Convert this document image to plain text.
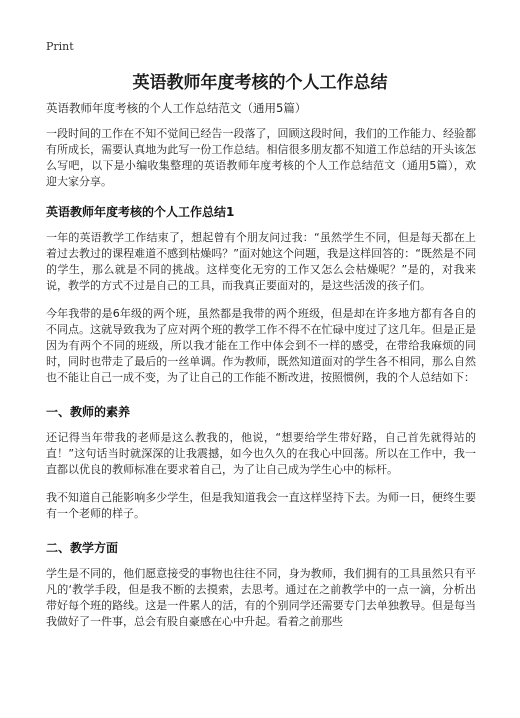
Print
英语教师年度考核的个人工作总结
英语教师年度考核的个人工作总结范文（通用5篇）

一段时间的工作在不知不觉间已经告一段落了，回顾这段时间，我们的工作能力、经验都有所成长，需要认真地为此写一份工作总结。相信很多朋友都不知道工作总结的开头该怎么写吧，以下是小编收集整理的英语教师年度考核的个人工作总结范文（通用5篇），欢迎大家分享。

英语教师年度考核的个人工作总结1

一年的英语教学工作结束了，想起曾有个朋友问过我：“虽然学生不同，但是每天都在上着过去教过的课程难道不感到枯燥吗？”面对她这个问题，我是这样回答的：“既然是不同的学生，那么就是不同的挑战。这样变化无穷的工作又怎么会枯燥呢？”是的，对我来说，教学的方式不过是自己的工具，而我真正要面对的，是这些活泼的孩子们。

今年我带的是6年级的两个班，虽然都是我带的两个班级，但是却在许多地方都有各自的不同点。这就导致我为了应对两个班的教学工作不得不在忙碌中度过了这几年。但是正是因为有两个不同的班级，所以我才能在工作中体会到不一样的感受，在带给我麻烦的同时，同时也带走了最后的一丝单调。作为教师，既然知道面对的学生各不相同，那么自然也不能让自己一成不变，为了让自己的工作能不断改进，按照惯例，我的个人总结如下：

一、教师的素养

还记得当年带我的老师是这么教我的，他说，“想要给学生带好路，自己首先就得站的直！”这句话当时就深深的让我震撼，如今也久久的在我心中回荡。所以在工作中，我一直都以优良的教师标准在要求着自己，为了让自己成为学生心中的标杆。

我不知道自己能影响多少学生，但是我知道我会一直这样坚持下去。为师一日，便终生要有一个老师的样子。

二、教学方面

学生是不同的，他们愿意接受的事物也往往不同，身为教师，我们拥有的工具虽然只有平凡的‘教学手段，但是我不断的去摸索，去思考。通过在之前教学中的一点一滴，分析出带好每个班的路线。这是一件累人的活，有的个别同学还需要专门去单独教导。但是每当我做好了一件事，总会有股自豪感在心中升起。看着之前那些
